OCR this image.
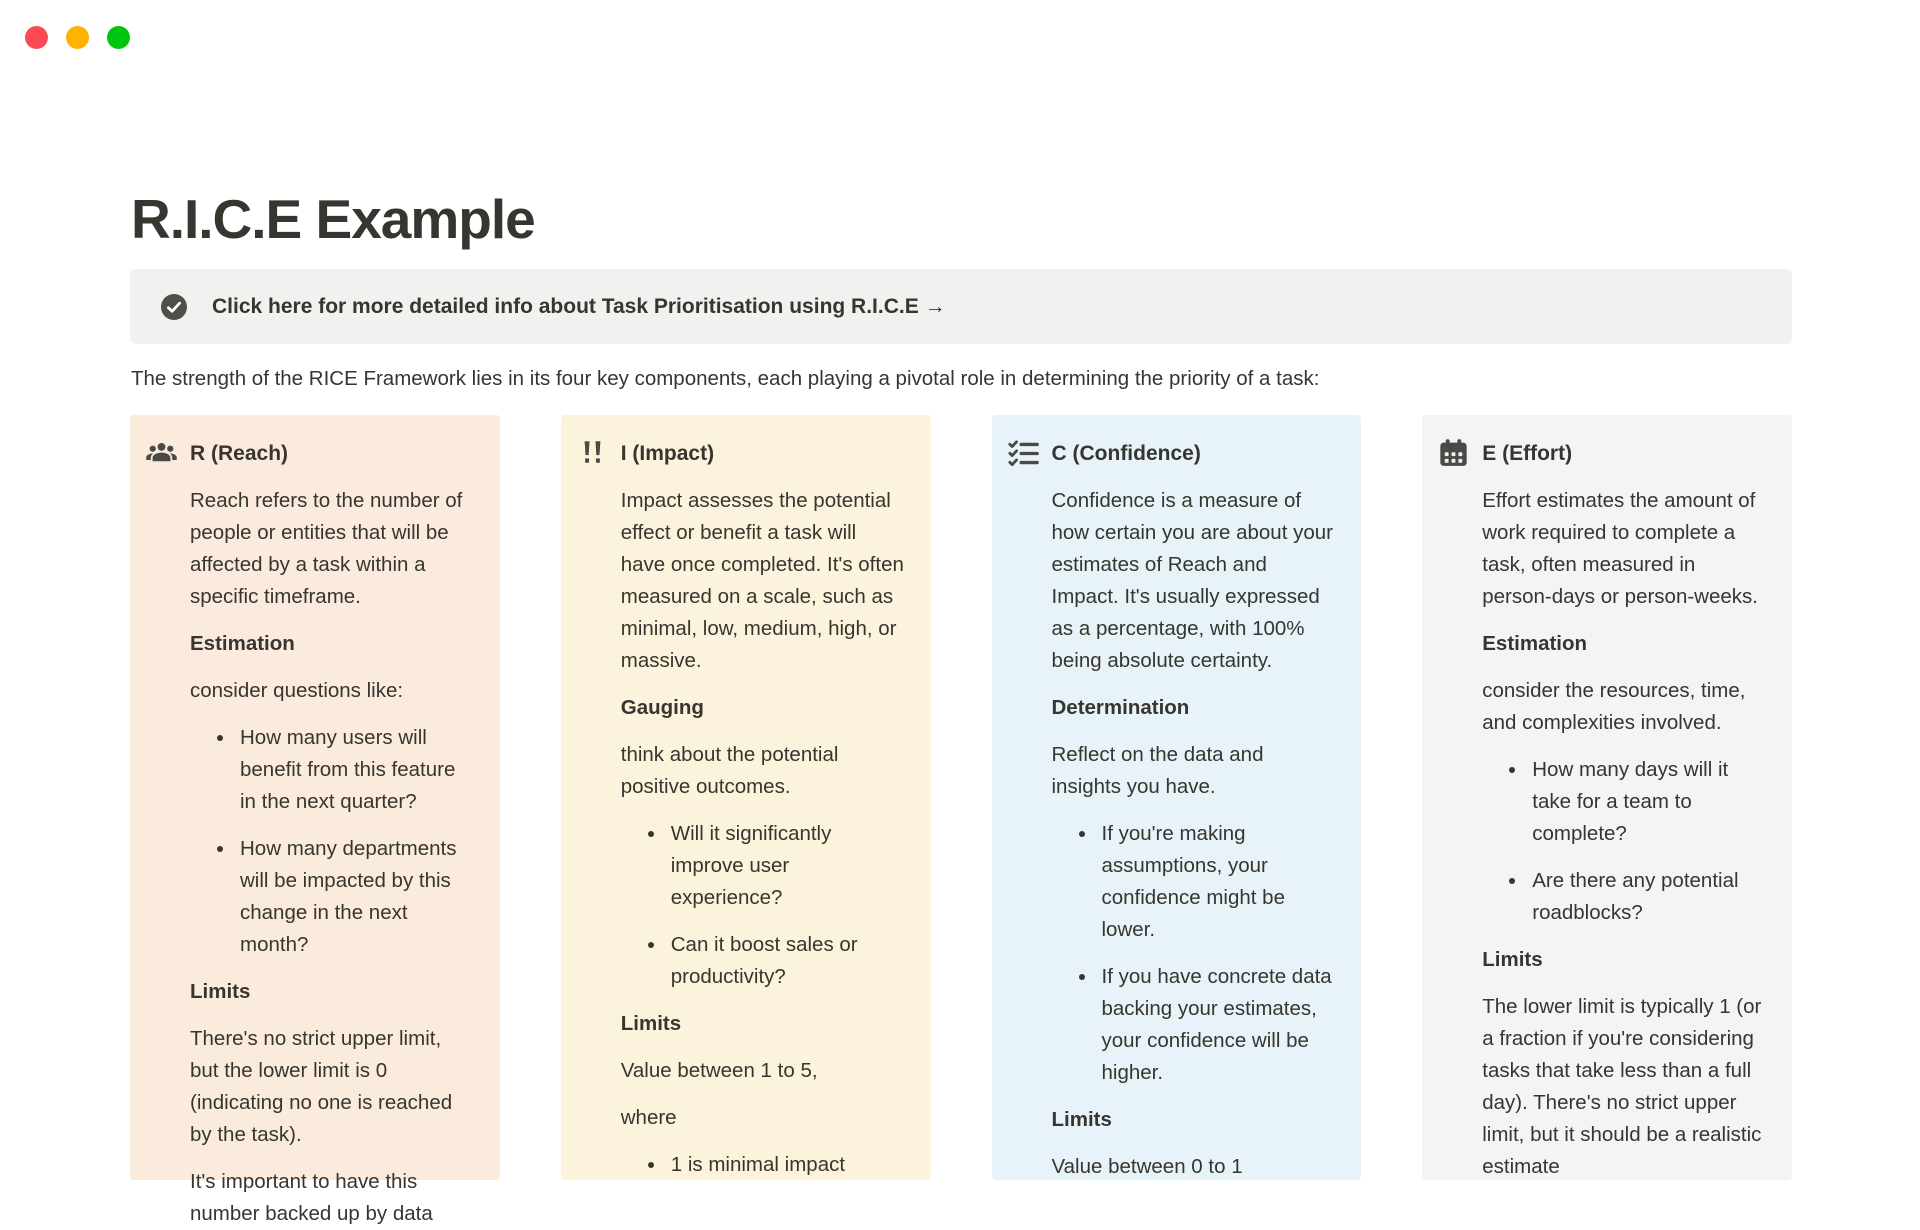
R.I.C.E Example
Click here for more detailed info about Task Prioritisation using R.I.C.E →

The strength of the RICE Framework lies in its four key components, each playing a pivotal role in determining the priority of a task:

R (Reach)

Reach refers to the number of people or entities that will be affected by a task within a specific timeframe.

Estimation

consider questions like:

• How many users will benefit from this feature in the next quarter?
• How many departments will be impacted by this change in the next month?
Limits

There's no strict upper limit, but the lower limit is 0 (indicating no one is reached by the task).

It's important to have this number backed up by data

I (Impact)

Impact assesses the potential effect or benefit a task will have once completed. It's often measured on a scale, such as minimal, low, medium, high, or massive.

Gauging

think about the potential positive outcomes.

• Will it significantly improve user experience?
• Can it boost sales or productivity?
Limits

Value between 1 to 5,

where

• 1 is minimal impact
C (Confidence)

Confidence is a measure of how certain you are about your estimates of Reach and Impact. It's usually expressed as a percentage, with 100% being absolute certainty.

Determination

Reflect on the data and insights you have.

• If you're making assumptions, your confidence might be lower.
• If you have concrete data backing your estimates, your confidence will be higher.
Limits

Value between 0 to 1

E (Effort)

Effort estimates the amount of work required to complete a task, often measured in person-days or person-weeks.

Estimation

consider the resources, time, and complexities involved.

• How many days will it take for a team to complete?
• Are there any potential roadblocks?
Limits

The lower limit is typically 1 (or a fraction if you're considering tasks that take less than a full day). There's no strict upper limit, but it should be a realistic estimate
